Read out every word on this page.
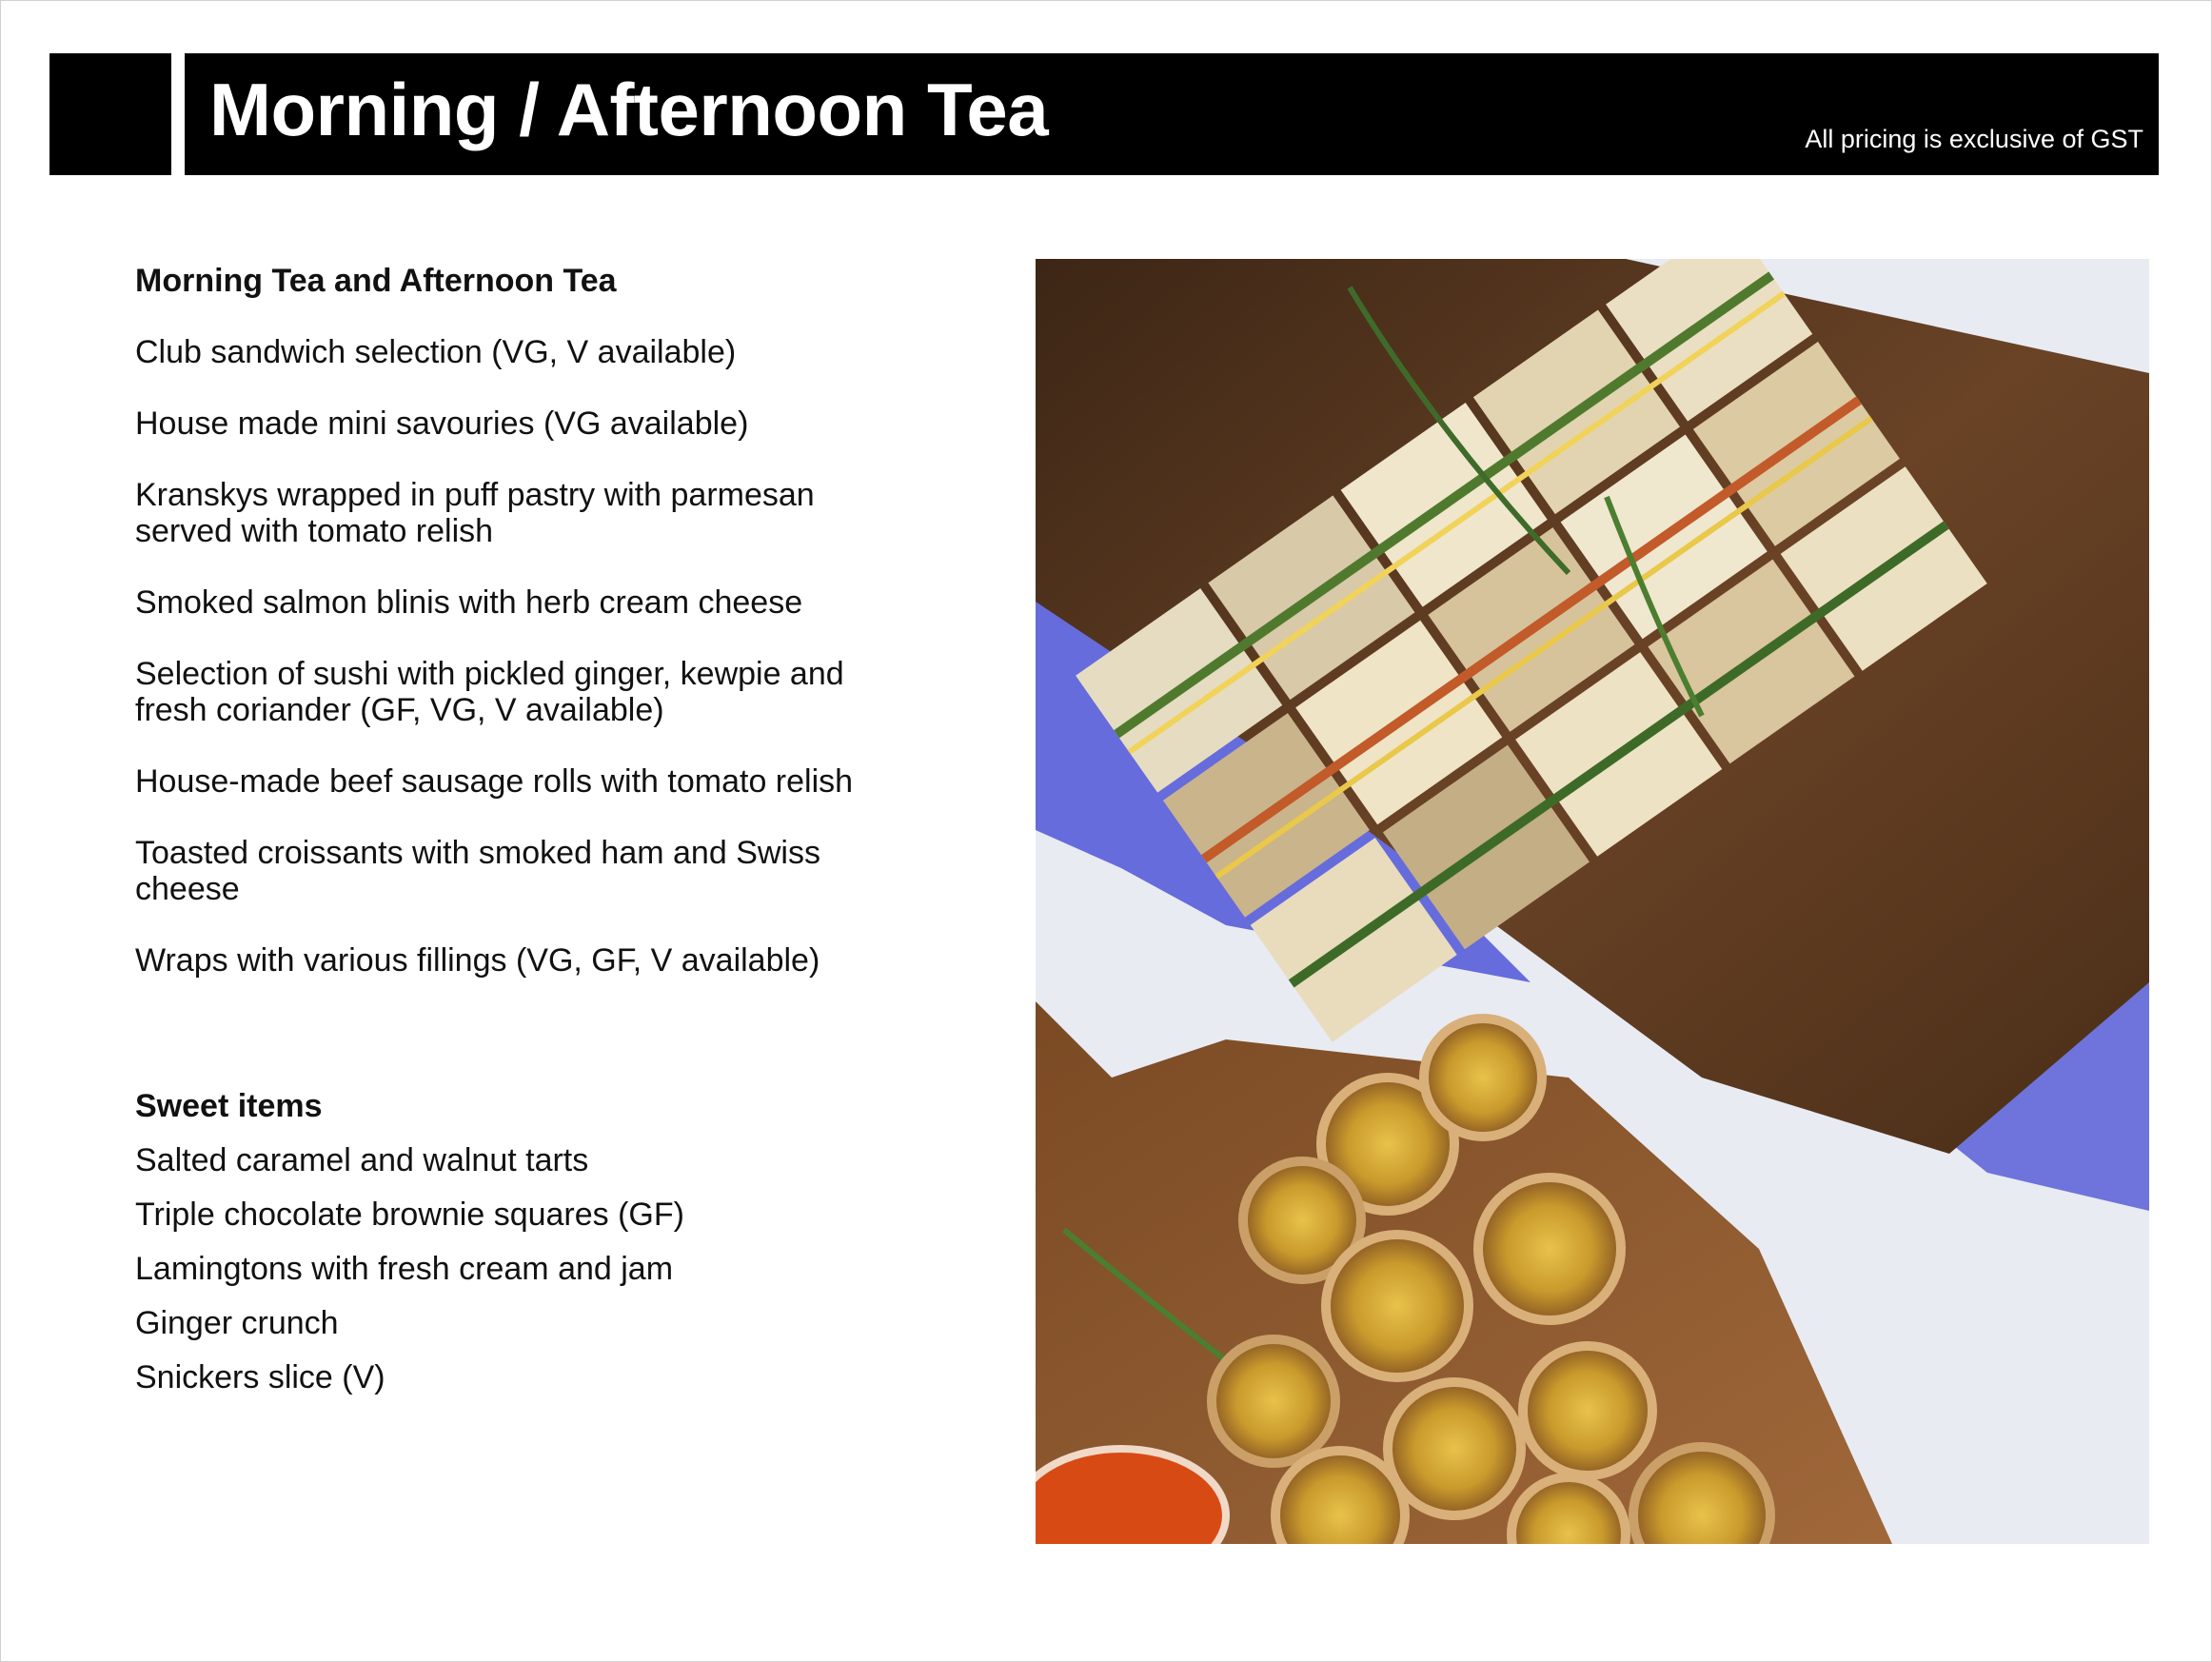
Morning / Afternoon Tea	All pricing is exclusive of GST
Morning Tea and Afternoon Tea
Club sandwich selection (VG, V available)
House made mini savouries (VG available)
Kranskys wrapped in puff pastry with parmesan served with tomato relish
Smoked salmon blinis with herb cream cheese
Selection of sushi with pickled ginger, kewpie and fresh coriander (GF, VG, V available)
House-made beef sausage rolls with tomato relish
Toasted croissants with smoked ham and Swiss cheese
Wraps with various fillings (VG, GF, V available)
Sweet items
Salted caramel and walnut tarts
Triple chocolate brownie squares (GF)
Lamingtons with fresh cream and jam
Ginger crunch
Snickers slice (V)
